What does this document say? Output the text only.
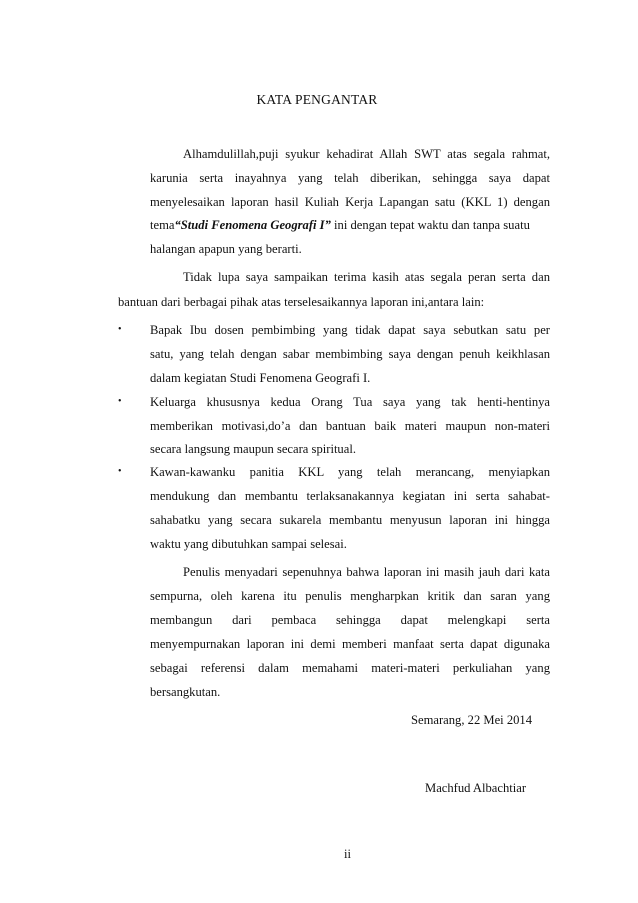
KATA PENGANTAR
Alhamdulillah,puji syukur kehadirat Allah SWT atas segala rahmat,
karunia serta inayahnya yang telah diberikan, sehingga saya dapat
menyelesaikan laporan hasil Kuliah Kerja Lapangan satu (KKL 1) dengan
tema“Studi Fenomena Geografi I” ini dengan tepat waktu dan tanpa suatu
halangan apapun yang berarti.
Tidak lupa saya sampaikan terima kasih atas segala peran serta dan
bantuan dari berbagai pihak atas terselesaikannya laporan ini,antara lain:
• Bapak Ibu dosen pembimbing yang tidak dapat saya sebutkan satu per
satu, yang telah dengan sabar membimbing saya dengan penuh keikhlasan
dalam kegiatan Studi Fenomena Geografi I.
• Keluarga khususnya kedua Orang Tua saya yang tak henti-hentinya
memberikan motivasi,do’a dan bantuan baik materi maupun non-materi
secara langsung maupun secara spiritual.
• Kawan-kawanku panitia KKL yang telah merancang, menyiapkan
mendukung dan membantu terlaksanakannya kegiatan ini serta sahabat-
sahabatku yang secara sukarela membantu menyusun laporan ini hingga
waktu yang dibutuhkan sampai selesai.
Penulis menyadari sepenuhnya bahwa laporan ini masih jauh dari kata
sempurna, oleh karena itu penulis mengharpkan kritik dan saran yang
membangun dari pembaca sehingga dapat melengkapi serta
menyempurnakan laporan ini demi memberi manfaat serta dapat digunaka
sebagai referensi dalam memahami materi-materi perkuliahan yang
bersangkutan.
Semarang, 22 Mei 2014
Machfud Albachtiar
ii
